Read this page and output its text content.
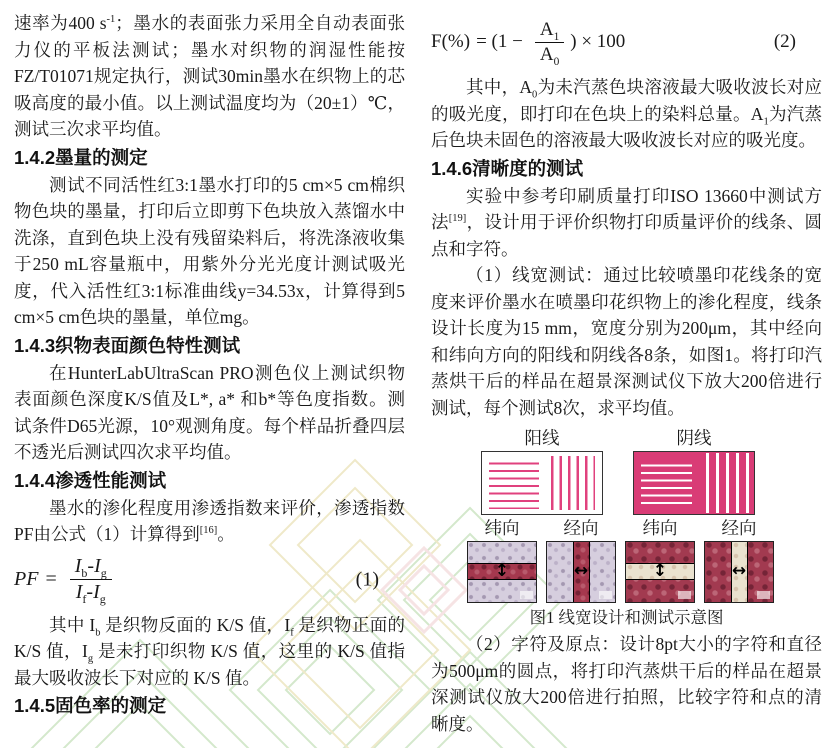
速率为400 s$^{-1}$；墨水的表面张力采用全自动表面张力仪的平板法测试；墨水对织物的润湿性能按FZ/T01071规定执行，测试30min墨水在织物上的芯吸高度的最小值。以上测试温度均为（20±1）℃，测试三次求平均值。

1.4.2墨量的测定

测试不同活性红3:1墨水打印的5 cm×5 cm棉织物色块的墨量，打印后立即剪下色块放入蒸馏水中洗涤，直到色块上没有残留染料后，将洗涤液收集于250 mL容量瓶中，用紫外分光光度计测试吸光度，代入活性红3:1标准曲线y=34.53x，计算得到5 cm×5 cm色块的墨量，单位mg。

1.4.3织物表面颜色特性测试

在HunterLabUltraScan PRO测色仪上测试织物表面颜色深度K/S值及L*, a* 和b*等色度指数。测试条件D65光源，10°观测角度。每个样品折叠四层不透光后测试四次求平均值。

1.4.4渗透性能测试

墨水的渗化程度用渗透指数来评价，渗透指数PF由公式（1）计算得到[16]。

PF = $\frac{I_b-I_g}{I_f-I_g}$	(1)

其中 $I_b$ 是织物反面的 K/S 值，$I_f$ 是织物正面的 K/S 值，$I_g$ 是未打印织物 K/S 值，这里的 K/S 值指最大吸收波长下对应的 K/S 值。

1.4.5固色率的测定
$F(\%) = (1 - \frac{A_1}{A_0}$ ) × 100	(2)

其中，$A_0$为未汽蒸色块溶液最大吸收波长对应的吸光度，即打印在色块上的染料总量。$A_1$为汽蒸后色块未固色的溶液最大吸收波长对应的吸光度。

1.4.6清晰度的测试

实验中参考印刷质量打印ISO 13660中测试方法[19]，设计用于评价织物打印质量评价的线条、圆点和字符。

（1）线宽测试：通过比较喷墨印花线条的宽度来评价墨水在喷墨印花织物上的渗化程度，线条设计长度为15 mm，宽度分别为200μm，其中经向和纬向方向的阳线和阴线各8条，如图1。将打印汽蒸烘干后的样品在超景深测试仪下放大200倍进行测试，每个测试8次，求平均值。

阳线	阴线
纬向	经向	纬向	经向
↕	↔	↕	↔
图1 线宽设计和测试示意图

（2）字符及原点：设计8pt大小的字符和直径为500μm的圆点，将打印汽蒸烘干后的样品在超景深测试仪放大200倍进行拍照，比较字符和点的清晰度。
